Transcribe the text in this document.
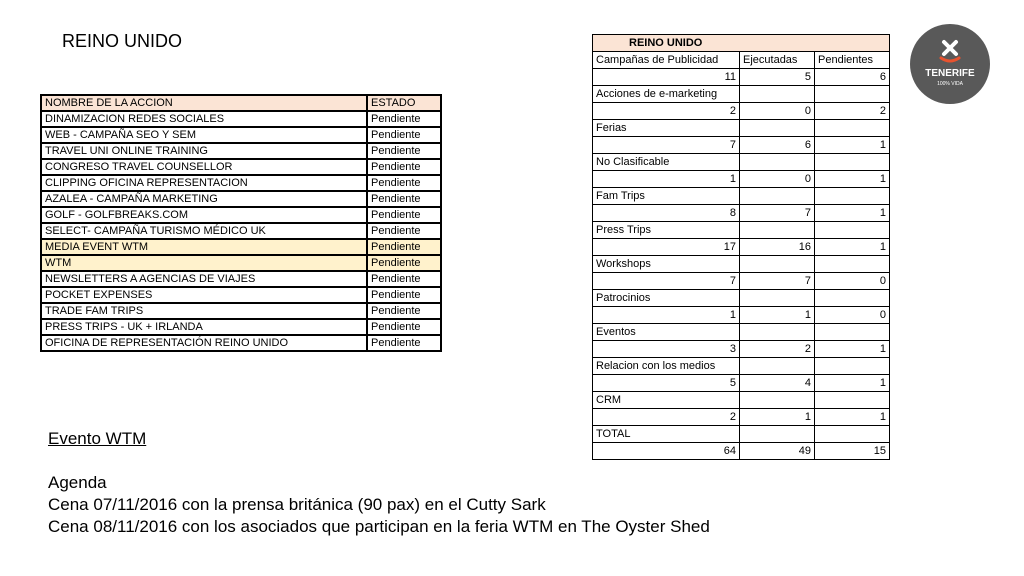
REINO UNIDO
NOMBRE DE LA ACCION	ESTADO
DINAMIZACION REDES SOCIALES	Pendiente
WEB - CAMPAÑA SEO Y SEM	Pendiente
TRAVEL UNI ONLINE TRAINING	Pendiente
CONGRESO TRAVEL COUNSELLOR	Pendiente
CLIPPING OFICINA REPRESENTACION	Pendiente
AZALEA - CAMPAÑA MARKETING	Pendiente
GOLF - GOLFBREAKS.COM	Pendiente
SELECT- CAMPAÑA TURISMO MÉDICO UK	Pendiente
MEDIA EVENT WTM	Pendiente
WTM	Pendiente
NEWSLETTERS A AGENCIAS DE VIAJES	Pendiente
POCKET EXPENSES	Pendiente
TRADE FAM TRIPS	Pendiente
PRESS TRIPS - UK + IRLANDA	Pendiente
OFICINA DE REPRESENTACIÓN REINO UNIDO	Pendiente
REINO UNIDO		
Campañas de Publicidad	Ejecutadas	Pendientes
11	5	6
Acciones de e-marketing		
2	0	2
Ferias		
7	6	1
No Clasificable		
1	0	1
Fam Trips		
8	7	1
Press Trips		
17	16	1
Workshops		
7	7	0
Patrocinios		
1	1	0
Eventos		
3	2	1
Relacion con los medios		
5	4	1
CRM		
2	1	1
TOTAL		
64	49	15

Evento WTM

Agenda

Cena 07/11/2016 con la prensa británica (90 pax) en el Cutty Sark

Cena 08/11/2016 con los asociados que participan en la feria WTM en The Oyster Shed

TENERIFE
100% VIDA
